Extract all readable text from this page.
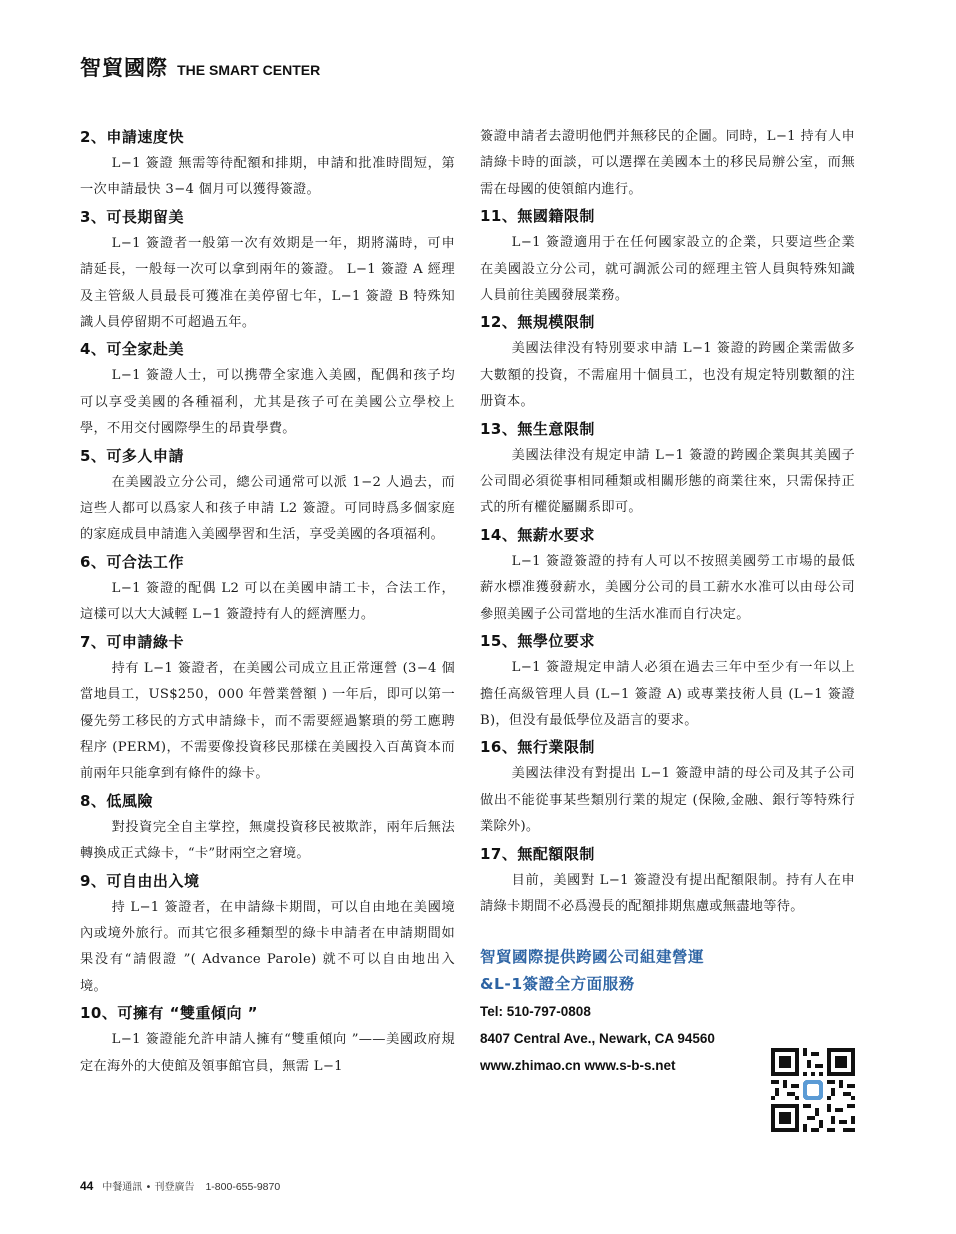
智貿國際 THE SMART CENTER
2、申請速度快

L−1 簽證 無需等待配額和排期，申請和批准時間短，第一次申請最快 3−4 個月可以獲得簽證。

3、可長期留美

L−1 簽證者一般第一次有效期是一年，期將滿時，可申請延長，一般每一次可以拿到兩年的簽證。 L−1 簽證 A 經理及主管級人員最長可獲准在美停留七年，L−1 簽證 B 特殊知識人員停留期不可超過五年。

4、可全家赴美

L−1 簽證人士，可以携帶全家進入美國，配偶和孩子均可以享受美國的各種福利，尤其是孩子可在美國公立學校上學，不用交付國際學生的昂貴學費。

5、可多人申請

在美國設立分公司，總公司通常可以派 1−2 人過去，而這些人都可以爲家人和孩子申請 L2 簽證。可同時爲多個家庭的家庭成員申請進入美國學習和生活，享受美國的各項福利。

6、可合法工作

L−1 簽證的配偶 L2 可以在美國申請工卡，合法工作，這樣可以大大減輕 L−1 簽證持有人的經濟壓力。

7、可申請綠卡

持有 L−1 簽證者，在美國公司成立且正常運營 (3−4 個當地員工，US$250，000 年營業營額 ) 一年后，即可以第一優先勞工移民的方式申請綠卡，而不需要經過繁瑣的勞工應聘程序 (PERM)，不需要像投資移民那樣在美國投入百萬資本而前兩年只能拿到有條件的綠卡。

8、低風險

對投資完全自主掌控，無虞投資移民被欺詐，兩年后無法轉換成正式綠卡，“卡”財兩空之窘境。

9、可自由出入境

持 L−1 簽證者，在申請綠卡期間，可以自由地在美國境內或境外旅行。而其它很多種類型的綠卡申請者在申請期間如果没有“請假證 ”( Advance Parole) 就不可以自由地出入境。

10、可擁有 “雙重傾向 ”

L−1 簽證能允許申請人擁有“雙重傾向 ”——美國政府規定在海外的大使館及領事館官員，無需 L−1

簽證申請者去證明他們并無移民的企圖。同時，L−1 持有人申請綠卡時的面談，可以選擇在美國本土的移民局辦公室，而無需在母國的使領館内進行。

11、無國籍限制

L−1 簽證適用于在任何國家設立的企業，只要這些企業在美國設立分公司，就可調派公司的經理主管人員與特殊知識人員前往美國發展業務。

12、無規模限制

美國法律没有特別要求申請 L−1 簽證的跨國企業需做多大數額的投資，不需雇用十個員工，也没有規定特別數額的注册資本。

13、無生意限制

美國法律没有規定申請 L−1 簽證的跨國企業與其美國子公司間必須從事相同種類或相關形態的商業往來，只需保持正式的所有權從屬關系即可。

14、無薪水要求

L−1 簽證簽證的持有人可以不按照美國勞工市場的最低薪水標准獲發薪水，美國分公司的員工薪水水准可以由母公司參照美國子公司當地的生活水准而自行决定。

15、無學位要求

L−1 簽證規定申請人必須在過去三年中至少有一年以上擔任高級管理人員 (L−1 簽證 A) 或專業技術人員 (L−1 簽證 B)，但没有最低學位及語言的要求。

16、無行業限制

美國法律没有對提出 L−1 簽證申請的母公司及其子公司做出不能從事某些類別行業的規定 (保險,金融、銀行等特殊行業除外)。

17、無配額限制

目前，美國對 L−1 簽證没有提出配額限制。持有人在申請綠卡期間不必爲漫長的配額排期焦慮或無盡地等待。

智貿國際提供跨國公司組建營運
&L-1簽證全方面服務
Tel: 510-797-0808
8407 Central Ave., Newark, CA 94560
www.zhimao.cn www.s-b-s.net
44 中餐通訊 • 刊登廣告 1-800-655-9870
